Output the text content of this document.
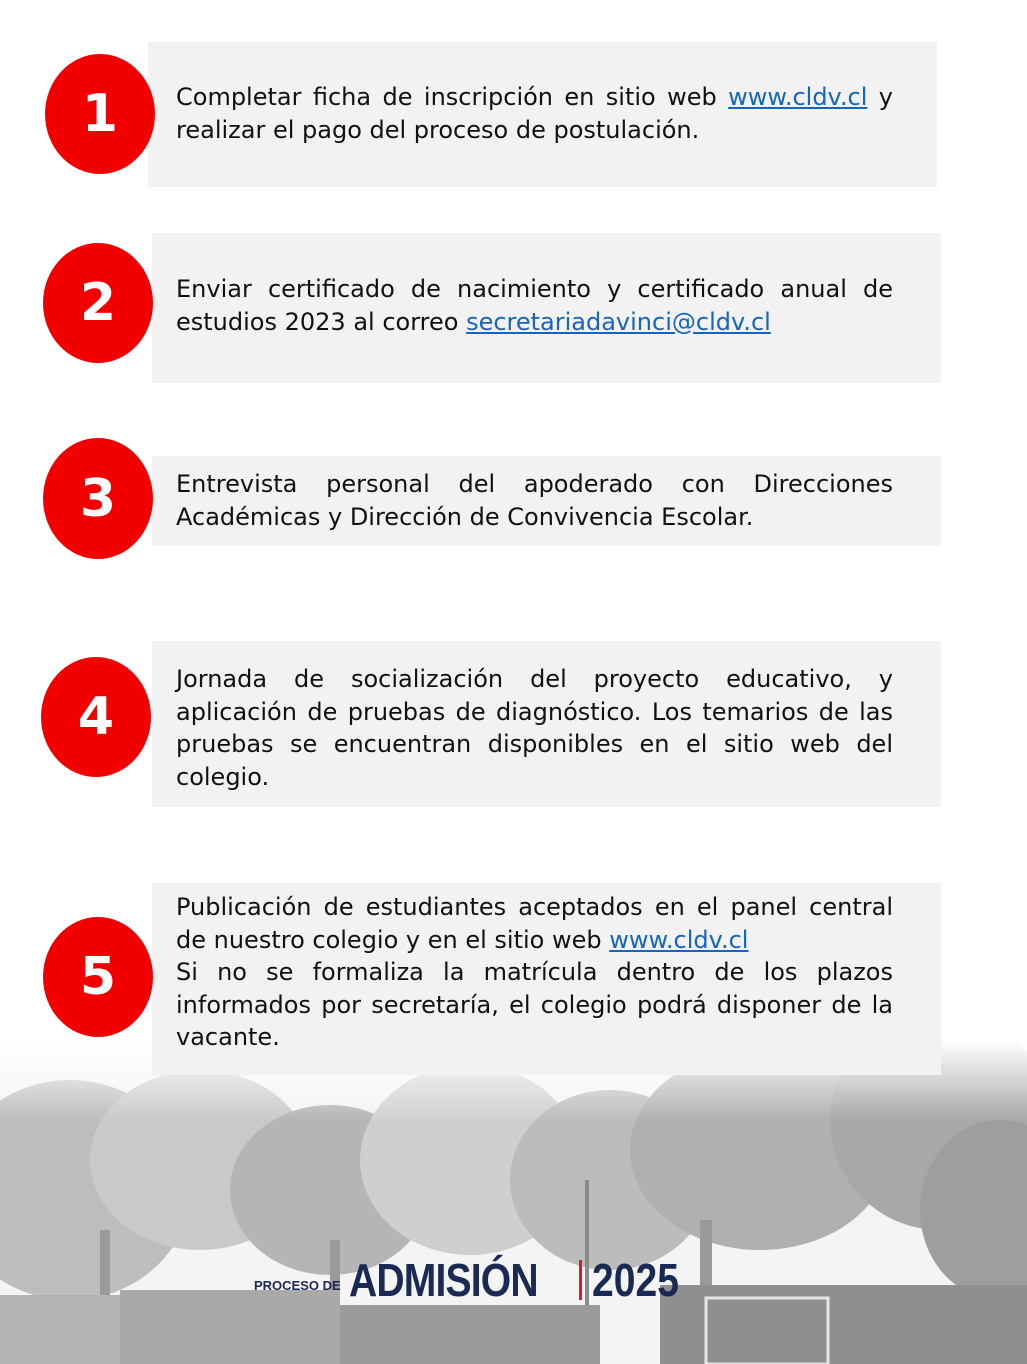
1	Completar ficha de inscripción en sitio web www.cldv.cl y realizar el pago del proceso de postulación.
2	Enviar certificado de nacimiento y certificado anual de estudios 2023 al correo secretariadavinci@cldv.cl
3	Entrevista personal del apoderado con Direcciones Académicas y Dirección de Convivencia Escolar.
4
Jornada de socialización del proyecto educativo, y aplicación de pruebas de diagnóstico. Los temarios de las pruebas se encuentran disponibles en el sitio web del colegio.
5
Publicación de estudiantes aceptados en el panel central de nuestro colegio y en el sitio web www.cldv.cl
Si no se formaliza la matrícula dentro de los plazos informados por secretaría, el colegio podrá disponer de la vacante.
PROCESO DE ADMISIÓN 2025
